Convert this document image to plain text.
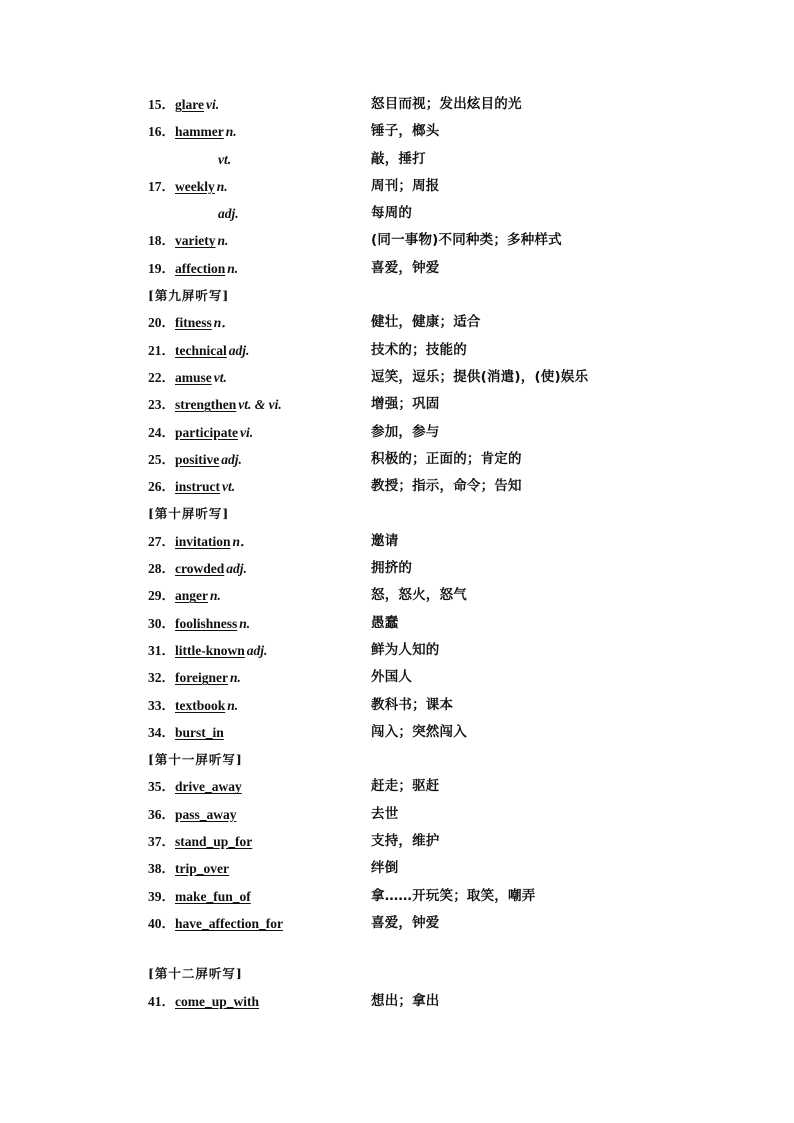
15．glare vi.	怒目而视；发出炫目的光
16．hammer n.	锤子，榔头
vt.	敲，捶打
17．weekly n.	周刊；周报
adj.	每周的
18．variety n.	(同一事物)不同种类；多种样式
19．affection n.	喜爱，钟爱
[第九屏听写]
20．fitness n．	健壮，健康；适合
21．technical adj.	技术的；技能的
22．amuse vt.	逗笑，逗乐；提供(消遣)，(使)娱乐
23．strengthen vt. & vi.	增强；巩固
24．participate vi.	参加，参与
25．positive adj.	积极的；正面的；肯定的
26．instruct vt.	教授；指示，命令；告知
[第十屏听写]
27．invitation n．	邀请
28．crowded adj.	拥挤的
29．anger n.	怒，怒火，怒气
30．foolishness n.	愚蠢
31．little-known adj.	鲜为人知的
32．foreigner n.	外国人
33．textbook n.	教科书；课本
34．burst_in	闯入；突然闯入
[第十一屏听写]
35．drive_away	赶走；驱赶
36．pass_away	去世
37．stand_up_for	支持，维护
38．trip_over	绊倒
39．make_fun_of	拿……开玩笑；取笑，嘲弄
40．have_affection_for	喜爱，钟爱
[第十二屏听写]
41．come_up_with	想出；拿出
